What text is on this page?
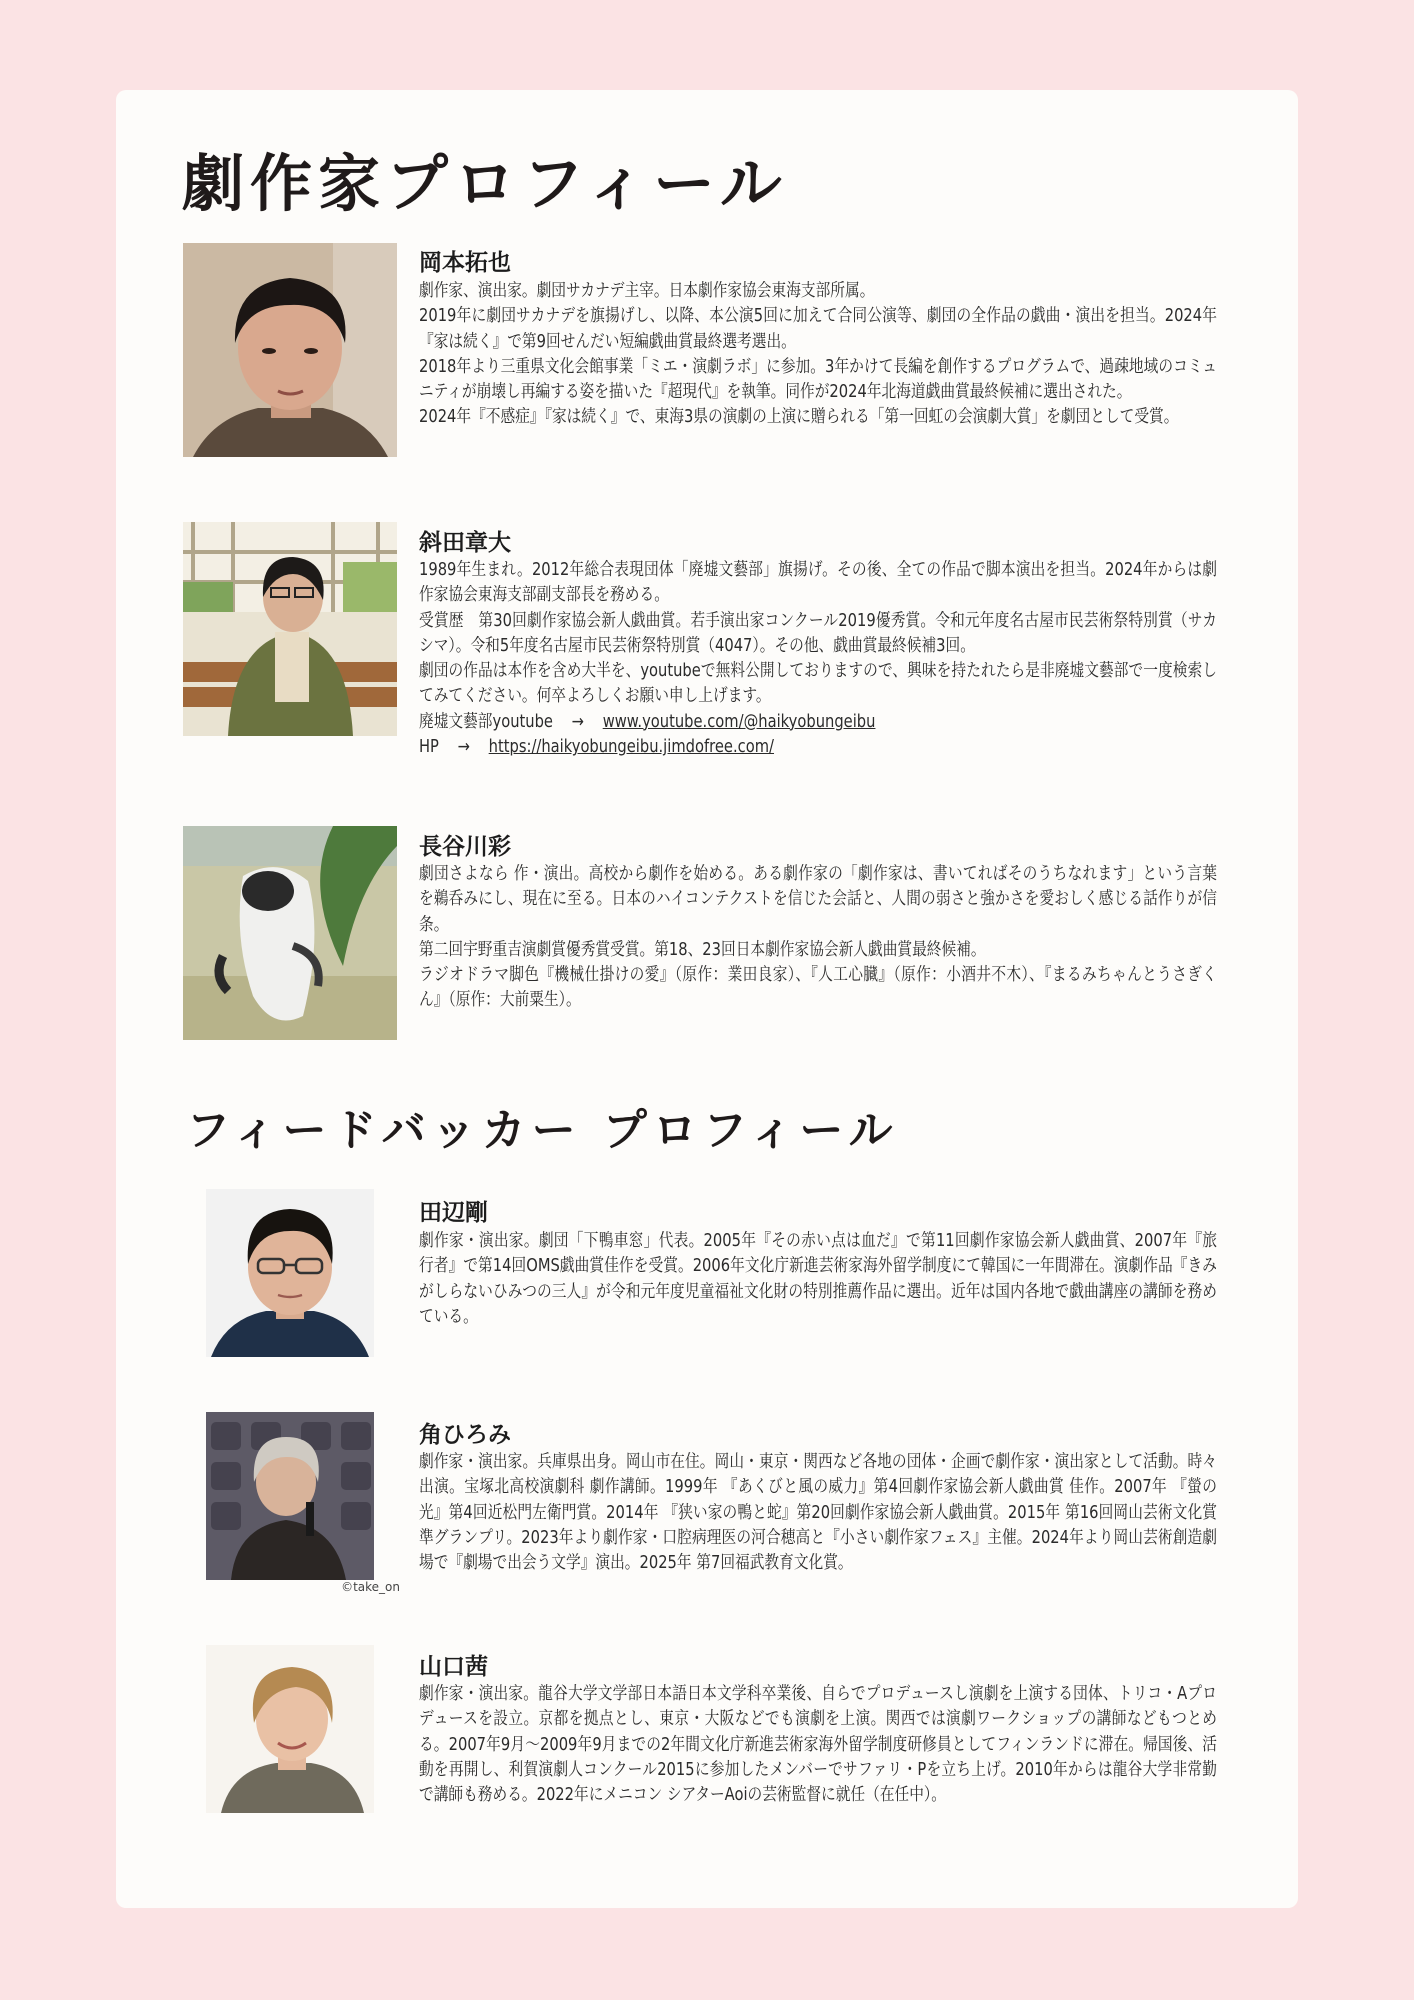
劇作家プロフィール
岡本拓也

劇作家、演出家。劇団サカナデ主宰。日本劇作家協会東海支部所属。

2019年に劇団サカナデを旗揚げし、以降、本公演5回に加えて合同公演等、劇団の全作品の戯曲・演出を担当。2024年『家は続く』で第9回せんだい短編戯曲賞最終選考選出。

2018年より三重県文化会館事業「ミエ・演劇ラボ」に参加。3年かけて長編を創作するプログラムで、過疎地域のコミュニティが崩壊し再編する姿を描いた『超現代』を執筆。同作が2024年北海道戯曲賞最終候補に選出された。

2024年『不感症』『家は続く』で、東海3県の演劇の上演に贈られる「第一回虹の会演劇大賞」を劇団として受賞。

斜田章大

1989年生まれ。2012年総合表現団体「廃墟文藝部」旗揚げ。その後、全ての作品で脚本演出を担当。2024年からは劇作家協会東海支部副支部長を務める。

受賞歴　第30回劇作家協会新人戯曲賞。若手演出家コンクール2019優秀賞。令和元年度名古屋市民芸術祭特別賞（サカシマ）。令和5年度名古屋市民芸術祭特別賞（4047）。その他、戯曲賞最終候補3回。

劇団の作品は本作を含め大半を、youtubeで無料公開しておりますので、興味を持たれたら是非廃墟文藝部で一度検索してみてください。何卒よろしくお願い申し上げます。

廃墟文藝部youtube → www.youtube.com/@haikyobungeibu

HP → https://haikyobungeibu.jimdofree.com/

長谷川彩

劇団さよなら 作・演出。高校から劇作を始める。ある劇作家の「劇作家は、書いてればそのうちなれます」という言葉を鵜呑みにし、現在に至る。日本のハイコンテクストを信じた会話と、人間の弱さと強かさを愛おしく感じる話作りが信条。

第二回宇野重吉演劇賞優秀賞受賞。第18、23回日本劇作家協会新人戯曲賞最終候補。

ラジオドラマ脚色『機械仕掛けの愛』（原作：業田良家）、『人工心臓』（原作：小酒井不木）、『まるみちゃんとうさぎくん』（原作：大前粟生）。

フィードバッカー プロフィール
田辺剛

劇作家・演出家。劇団「下鴨車窓」代表。2005年『その赤い点は血だ』で第11回劇作家協会新人戯曲賞、2007年『旅行者』で第14回OMS戯曲賞佳作を受賞。2006年文化庁新進芸術家海外留学制度にて韓国に一年間滞在。演劇作品『きみがしらないひみつの三人』が令和元年度児童福祉文化財の特別推薦作品に選出。近年は国内各地で戯曲講座の講師を務めている。

©take_on
角ひろみ

劇作家・演出家。兵庫県出身。岡山市在住。岡山・東京・関西など各地の団体・企画で劇作家・演出家として活動。時々出演。宝塚北高校演劇科 劇作講師。1999年 『あくびと風の威力』第4回劇作家協会新人戯曲賞 佳作。2007年 『螢の光』第4回近松門左衛門賞。2014年 『狭い家の鴨と蛇』第20回劇作家協会新人戯曲賞。2015年 第16回岡山芸術文化賞 準グランプリ。2023年より劇作家・口腔病理医の河合穂高と『小さい劇作家フェス』主催。2024年より岡山芸術創造劇場で『劇場で出会う文学』演出。2025年 第7回福武教育文化賞。

山口茜

劇作家・演出家。龍谷大学文学部日本語日本文学科卒業後、自らでプロデュースし演劇を上演する団体、トリコ・Aプロデュースを設立。京都を拠点とし、東京・大阪などでも演劇を上演。関西では演劇ワークショップの講師などもつとめる。2007年9月〜2009年9月までの2年間文化庁新進芸術家海外留学制度研修員としてフィンランドに滞在。帰国後、活動を再開し、利賀演劇人コンクール2015に参加したメンバーでサファリ・Pを立ち上げ。2010年からは龍谷大学非常勤で講師も務める。2022年にメニコン シアターAoiの芸術監督に就任（在任中）。
